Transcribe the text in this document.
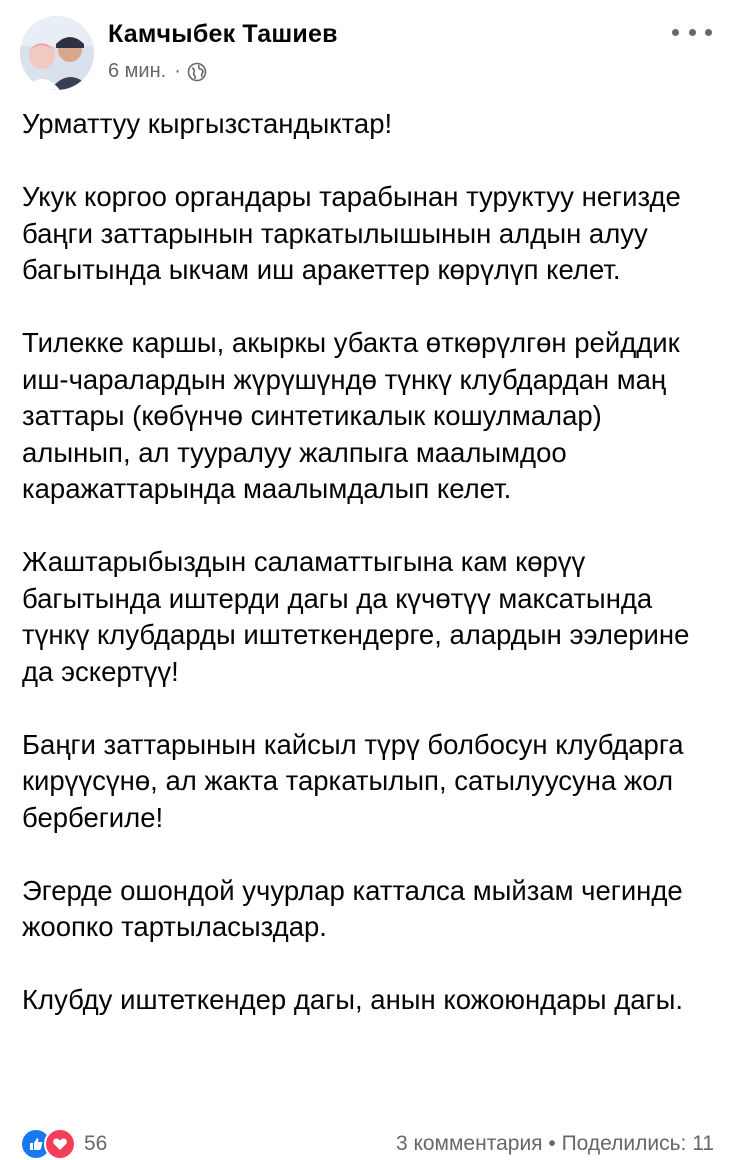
Камчыбек Ташиев
6 мин. ·

Урматтуу кыргызстандыктар!

Укук коргоо органдары тарабынан туруктуу негизде баңги заттарынын таркатылышынын алдын алуу багытында ыкчам иш аракеттер көрүлүп келет.

Тилекке каршы, акыркы убакта өткөрүлгөн рейддик иш-чаралардын жүрүшүндө түнкү клубдардан маң заттары (көбүнчө синтетикалык кошулмалар) алынып, ал тууралуу жалпыга маалымдоо каражаттарында маалымдалып келет.

Жаштарыбыздын саламаттыгына кам көрүү багытында иштерди дагы да күчөтүү максатында түнкү клубдарды иштеткендерге, алардын ээлерине да эскертүү!

Баңги заттарынын кайсыл түрү болбосун клубдарга кирүүсүнө, ал жакта таркатылып, сатылуусуна жол бербегиле!

Эгерде ошондой учурлар катталса мыйзам чегинде жоопко тартыласыздар.

Клубду иштеткендер дагы, анын кожоюндары дагы.

56	3 комментария • Поделились: 11
